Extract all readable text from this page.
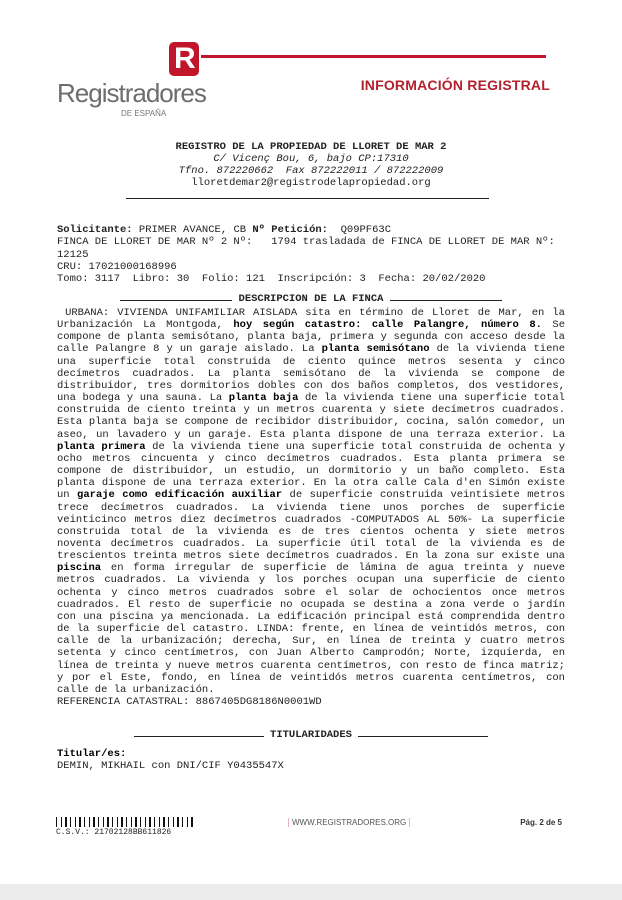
R
Registradores
DE ESPAÑA
INFORMACIÓN REGISTRAL
REGISTRO DE LA PROPIEDAD DE LLORET DE MAR 2
C/ Vicenç Bou, 6, bajo CP:17310
Tfno. 872220662  Fax 872222011 / 872222009
lloretdemar2@registrodelapropiedad.org
Solicitante: PRIMER AVANCE, CB Nº Petición:  Q09PF63C
FINCA DE LLORET DE MAR Nº 2 Nº:   1794 trasladada de FINCA DE LLORET DE MAR Nº:
12125
CRU: 17021000168996
Tomo: 3117  Libro: 30  Folio: 121  Inscripción: 3  Fecha: 20/02/2020
DESCRIPCION DE LA FINCA
URBANA: VIVIENDA UNIFAMILIAR AISLADA sita en término de Lloret de Mar, en la Urbanización La Montgoda, hoy según catastro: calle Palangre, número 8. Se compone de planta semisótano, planta baja, primera y segunda con acceso desde la calle Palangre 8 y un garaje aislado. La planta semisótano de la vivienda tiene una superficie total construida de ciento quince metros sesenta y cinco decímetros cuadrados. La planta semisótano de la vivienda se compone de distribuidor, tres dormitorios dobles con dos baños completos, dos vestidores, una bodega y una sauna. La planta baja de la vivienda tiene una superficie total construida de ciento treinta y un metros cuarenta y siete decímetros cuadrados. Esta planta baja se compone de recibidor distribuidor, cocina, salón comedor, un aseo, un lavadero y un garaje. Esta planta dispone de una terraza exterior. La planta primera de la vivienda tiene una superficie total construida de ochenta y ocho metros cincuenta y cinco decímetros cuadrados. Esta planta primera se compone de distribuidor, un estudio, un dormitorio y un baño completo. Esta planta dispone de una terraza exterior. En la otra calle Cala d'en Simón existe un garaje como edificación auxiliar de superficie construida veintisiete metros trece decímetros cuadrados. La vivienda tiene unos porches de superficie veinticinco metros diez decímetros cuadrados -COMPUTADOS AL 50%- La superficie construida total de la vivienda es de tres cientos ochenta y siete metros noventa decímetros cuadrados. La superficie útil total de la vivienda es de trescientos treinta metros siete decímetros cuadrados. En la zona sur existe una piscina en forma irregular de superficie de lámina de agua treinta y nueve metros cuadrados. La vivienda y los porches ocupan una superficie de ciento ochenta y cinco metros cuadrados sobre el solar de ochocientos once metros cuadrados. El resto de superficie no ocupada se destina a zona verde o jardín con una piscina ya mencionada. La edificación principal está comprendida dentro de la superficie del catastro. LINDA: frente, en línea de veintidós metros, con calle de la urbanización; derecha, Sur, en línea de treinta y cuatro metros setenta y cinco centímetros, con Juan Alberto Camprodón; Norte, izquierda, en línea de treinta y nueve metros cuarenta centímetros, con resto de finca matriz; y por el Este, fondo, en línea de veintidós metros cuarenta centímetros, con calle de la urbanización.
REFERENCIA CATASTRAL: 8867405DG8186N0001WD
TITULARIDADES
Titular/es:
DEMIN, MIKHAIL con DNI/CIF Y0435547X
C.S.V.: 21702128BB611826
WWW.REGISTRADORES.ORG	Pág. 2 de 5
